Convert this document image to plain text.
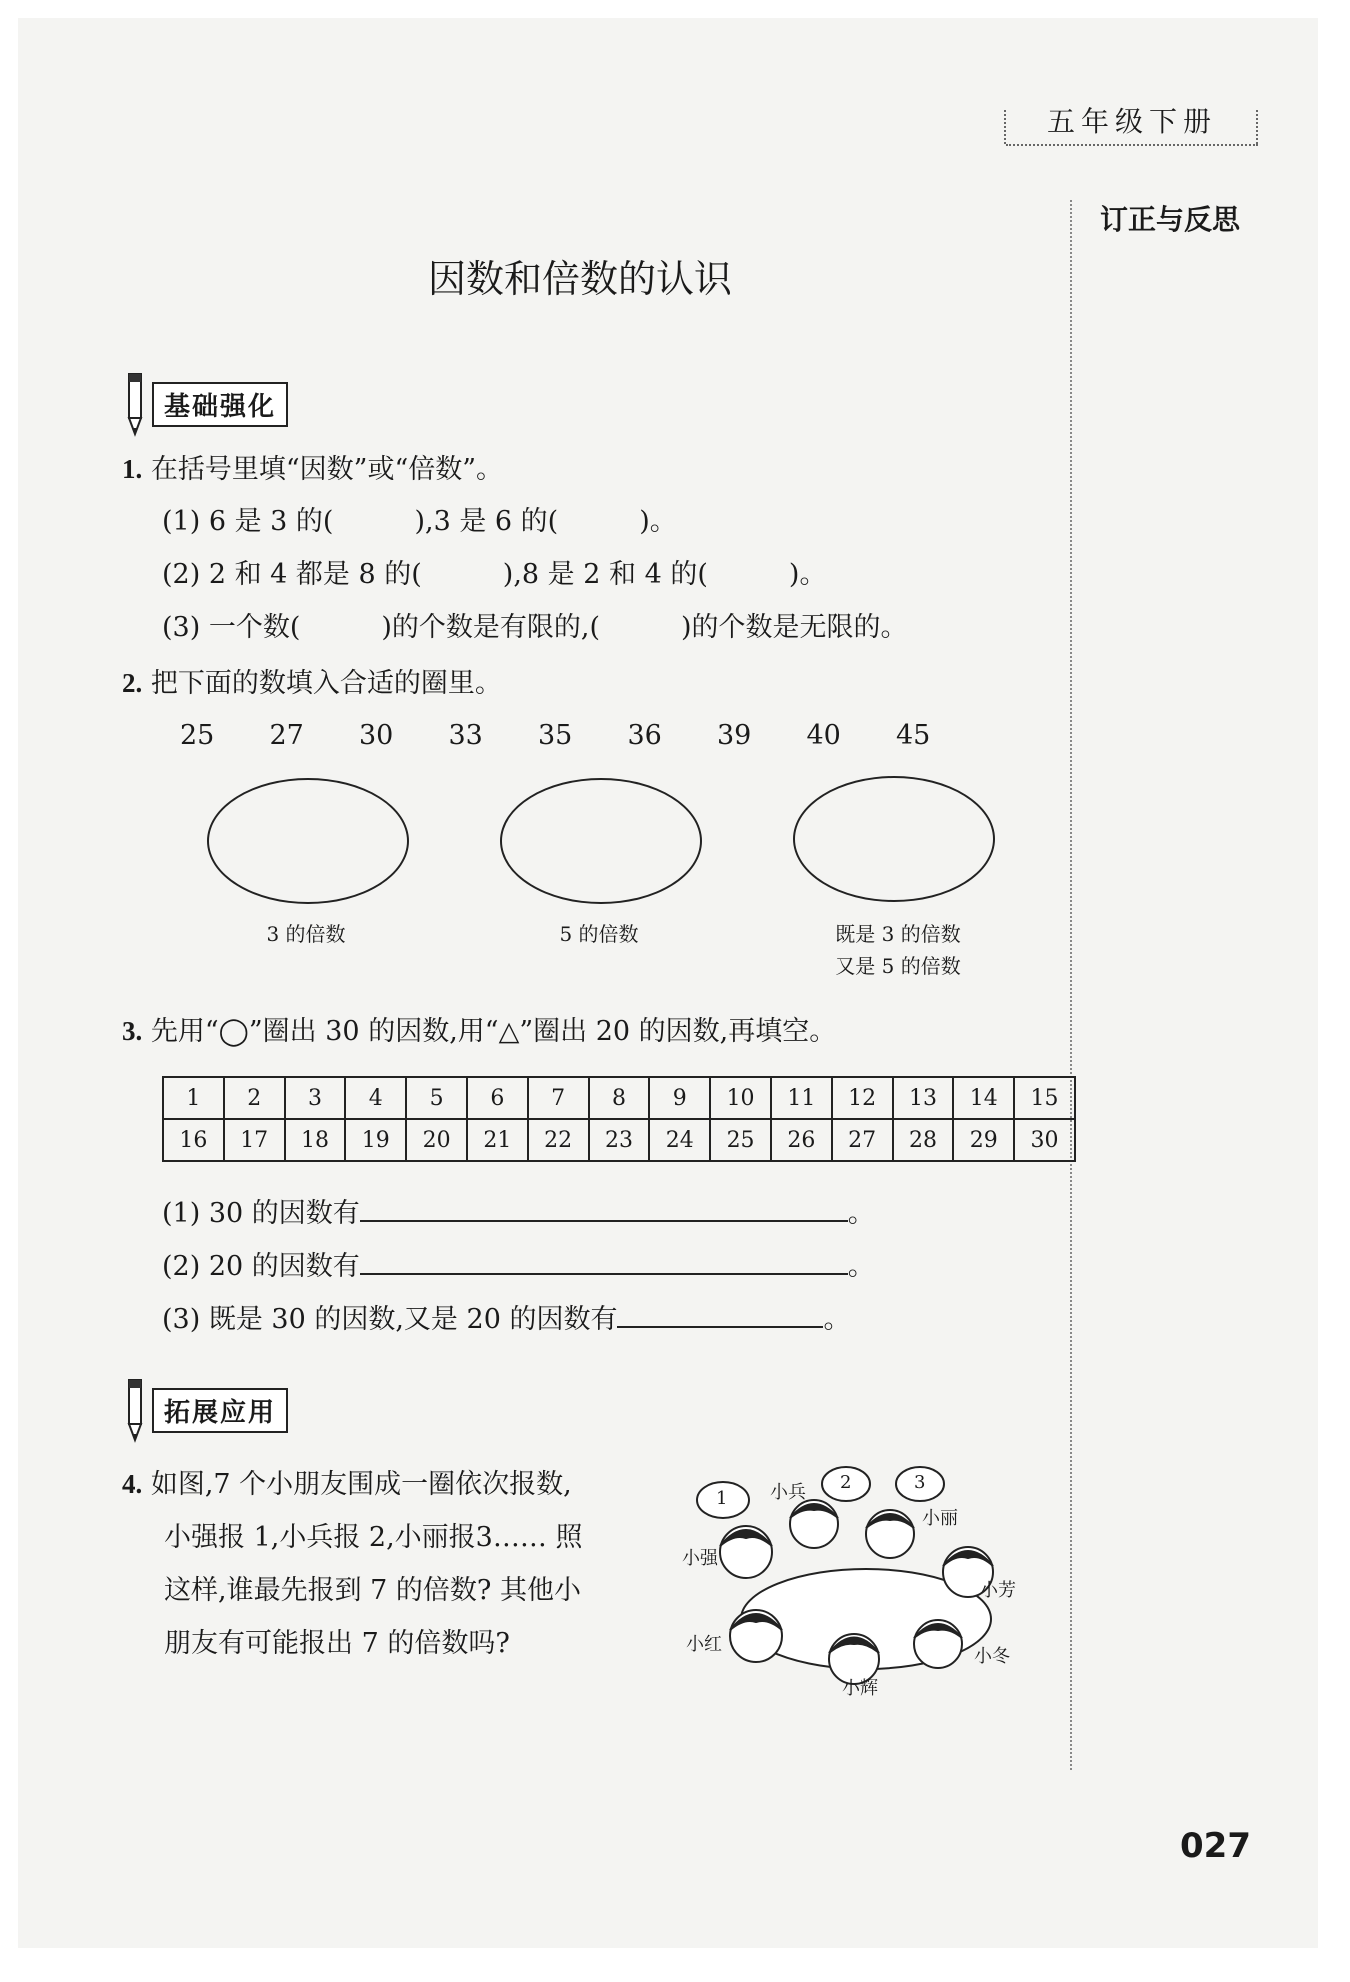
五年级下册
订正与反思
因数和倍数的认识
基础强化
1. 在括号里填“因数”或“倍数”。
(1) 6 是 3 的(　　　),3 是 6 的(　　　)。
(2) 2 和 4 都是 8 的(　　　),8 是 2 和 4 的(　　　)。
(3) 一个数(　　　)的个数是有限的,(　　　)的个数是无限的。
2. 把下面的数填入合适的圈里。
25 27 30 33 35 36 39 40 45
3 的倍数	5 的倍数	既是 3 的倍数
又是 5 的倍数
3. 先用“◯”圈出 30 的因数,用“△”圈出 20 的因数,再填空。
1	2	3	4	5	6	7	8	9	10	11	12	13	14	15
16	17	18	19	20	21	22	23	24	25	26	27	28	29	30
(1) 30 的因数有	。
(2) 20 的因数有	。
(3) 既是 30 的因数,又是 20 的因数有	。
拓展应用
4. 如图,7 个小朋友围成一圈依次报数,
小强报 1,小兵报 2,小丽报3…… 照
这样,谁最先报到 7 的倍数? 其他小
朋友有可能报出 7 的倍数吗?
1
2	3
小兵
小丽
小强
小芳
小红
小冬
小辉
027
